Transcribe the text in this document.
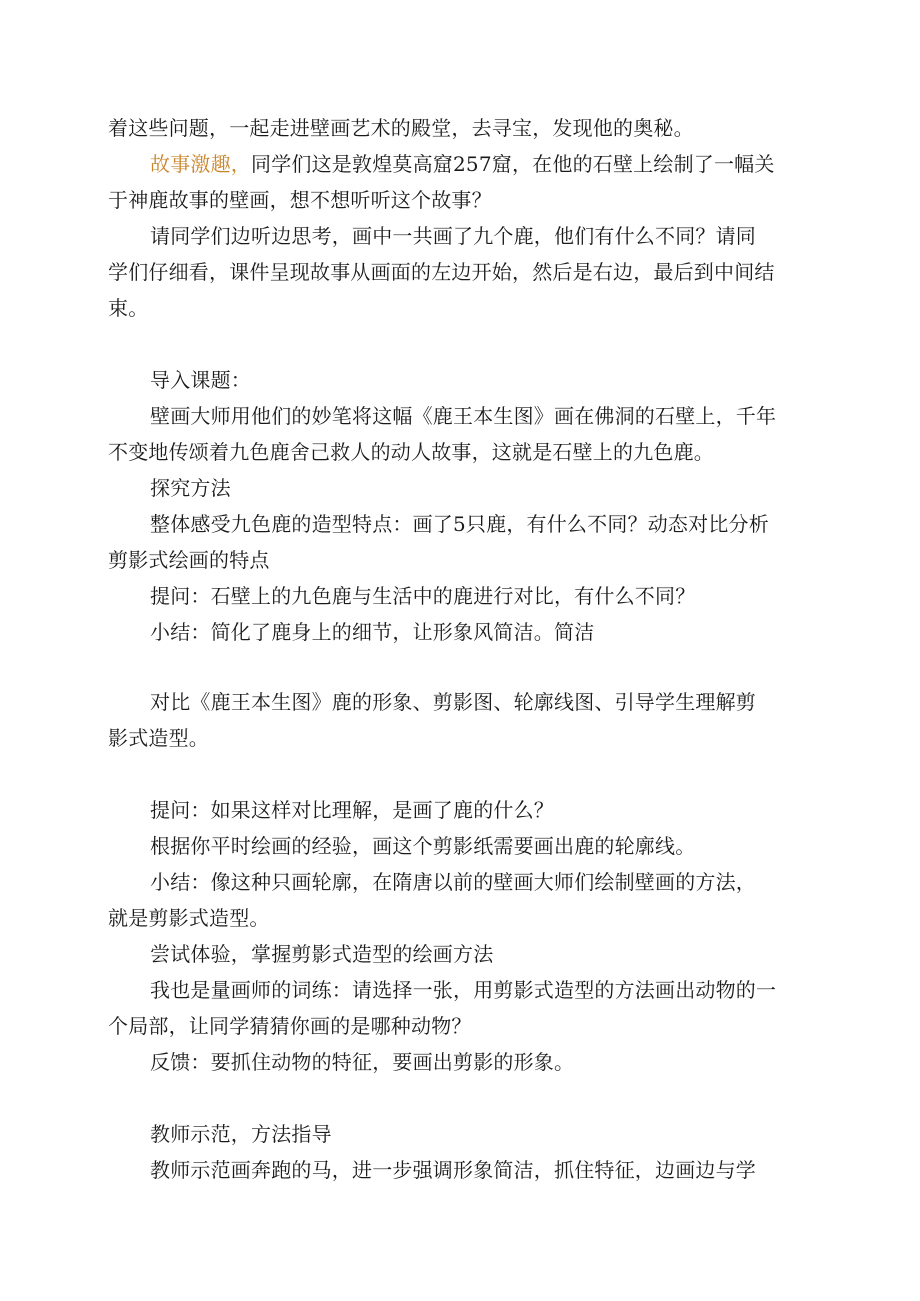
着这些问题，一起走进壁画艺术的殿堂，去寻宝，发现他的奥秘。
故事激趣，同学们这是敦煌莫高窟257窟，在他的石壁上绘制了一幅关
于神鹿故事的壁画，想不想听听这个故事？
请同学们边听边思考，画中一共画了九个鹿，他们有什么不同？请同
学们仔细看，课件呈现故事从画面的左边开始，然后是右边，最后到中间结
束。
导入课题：
壁画大师用他们的妙笔将这幅《鹿王本生图》画在佛洞的石壁上，千年
不变地传颂着九色鹿舍己救人的动人故事，这就是石壁上的九色鹿。
探究方法
整体感受九色鹿的造型特点：画了5只鹿，有什么不同？动态对比分析
剪影式绘画的特点
提问：石壁上的九色鹿与生活中的鹿进行对比，有什么不同？
小结：简化了鹿身上的细节，让形象风简洁。简洁
对比《鹿王本生图》鹿的形象、剪影图、轮廓线图、引导学生理解剪
影式造型。
提问：如果这样对比理解，是画了鹿的什么？
根据你平时绘画的经验，画这个剪影纸需要画出鹿的轮廓线。
小结：像这种只画轮廓，在隋唐以前的壁画大师们绘制壁画的方法，
就是剪影式造型。
尝试体验，掌握剪影式造型的绘画方法
我也是量画师的词练：请选择一张，用剪影式造型的方法画出动物的一
个局部，让同学猜猜你画的是哪种动物？
反馈：要抓住动物的特征，要画出剪影的形象。
教师示范，方法指导
教师示范画奔跑的马，进一步强调形象简洁，抓住特征，边画边与学
